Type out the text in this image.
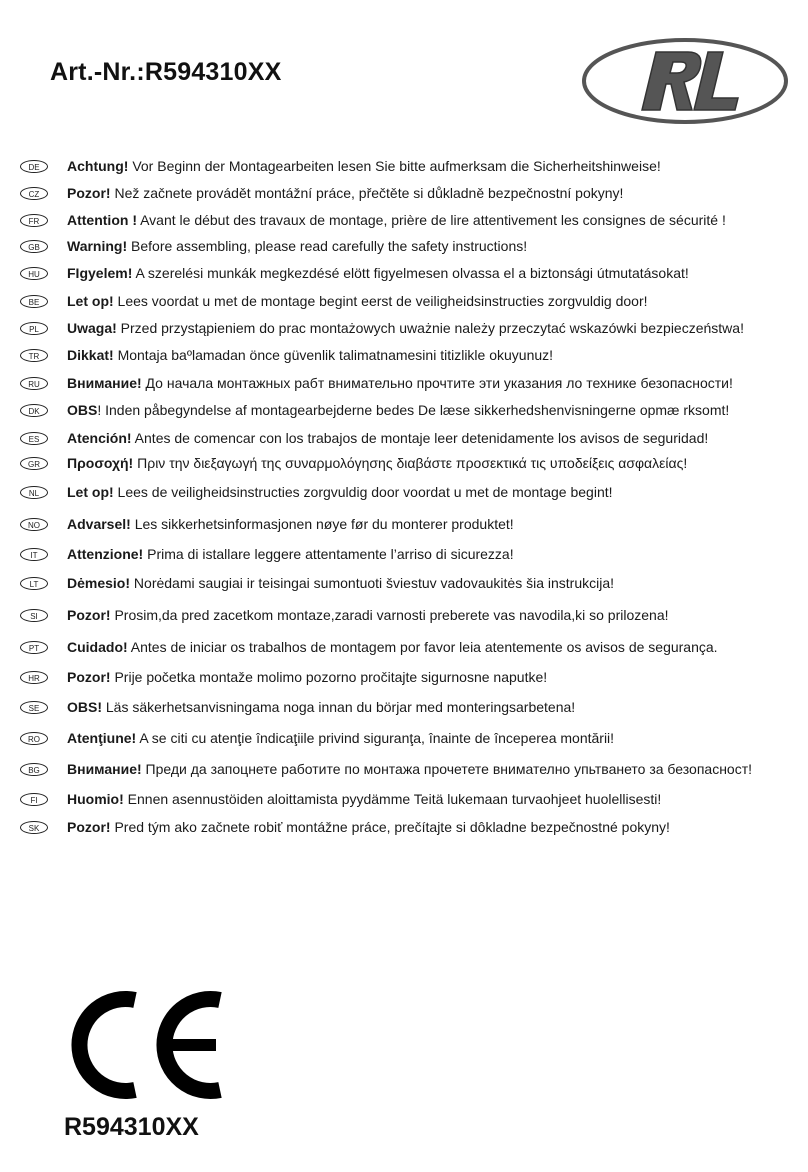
Art.-Nr.:R594310XX
DE	Achtung! Vor Beginn der Montagearbeiten lesen Sie bitte aufmerksam die Sicherheitshinweise!
CZ	Pozor! Než začnete provádět montážní práce, přečtěte si důkladně bezpečnostní pokyny!
FR	Attention ! Avant le début des travaux de montage, prière de lire attentivement les consignes de sécurité !
GB	Warning! Before assembling, please read carefully the safety instructions!
HU	FIgyelem! A szerelési munkák megkezdésé elött figyelmesen olvassa el a biztonsági útmutatásokat!
BE	Let op! Lees voordat u met de montage begint eerst de veiligheidsinstructies zorgvuldig door!
PL	Uwaga! Przed przystąpieniem do prac montażowych uważnie należy przeczytać wskazówki bezpieczeństwa!
TR	Dikkat! Montaja baºlamadan önce güvenlik talimatnamesini titizlikle okuyunuz!
RU	Внимание! До начала монтажных рабт внимательно прочтите эти указания ло технике безопасности!
DK	OBS! Inden påbegyndelse af montagearbejderne bedes De læse sikkerhedshenvisningerne opmæ rksomt!
ES	Atención! Antes de comencar con los trabajos de montaje leer detenidamente los avisos de seguridad!
GR	Προσοχή! Πριν την διεξαγωγή της συναρμολόγησης διαβάστε προσεκτικά τις υποδείξεις ασφαλείας!
NL	Let op! Lees de veiligheidsinstructies zorgvuldig door voordat u met de montage begint!
NO	Advarsel! Les sikkerhetsinformasjonen nøye før du monterer produktet!
IT	Attenzione! Prima di istallare leggere attentamente l’arriso di sicurezza!
LT	Dėmesio! Norėdami saugiai ir teisingai sumontuoti šviestuv vadovaukitės šia instrukcija!
SI	Pozor! Prosim,da pred zacetkom montaze,zaradi varnosti preberete vas navodila,ki so prilozena!
PT	Cuidado! Antes de iniciar os trabalhos de montagem por favor leia atentemente os avisos de segurança.
HR	Pozor! Prije početka montaže molimo pozorno pročitajte sigurnosne naputke!
SE	OBS! Läs säkerhetsanvisningama noga innan du börjar med monteringsarbetena!
RO	Atenţiune! A se citi cu atenţie îndicaţiile privind siguranţa, înainte de începerea montării!
BG	Внимание! Преди да запоцнете работите по монтажа прочетете внимателно упьтването за безопасност!
FI	Huomio! Ennen asennustöiden aloittamista pyydämme Teitä lukemaan turvaohjeet huolellisesti!
SK	Pozor! Pred tým ako začnete robiť montážne práce, prečítajte si dôkladne bezpečnostné pokyny!
R594310XX
